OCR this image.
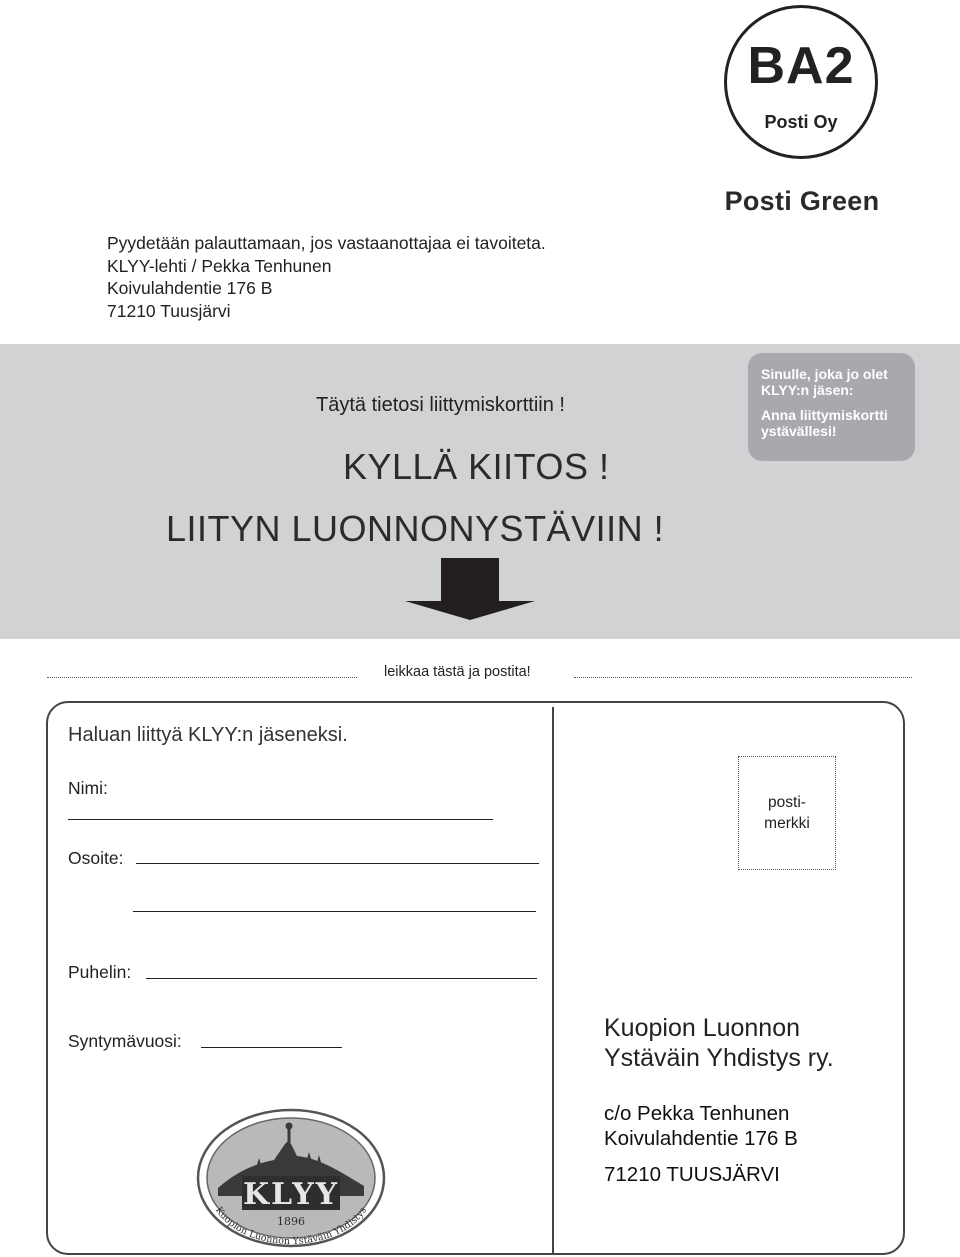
BA2
Posti Oy
Posti Green
Pyydetään palauttamaan, jos vastaanottajaa ei tavoiteta.
KLYY-lehti / Pekka Tenhunen
Koivulahdentie 176 B
71210 Tuusjärvi
Täytä tietosi liittymiskorttiin !
KYLLÄ KIITOS !
LIITYN LUONNONYSTÄVIIN !
Sinulle, joka jo olet
KLYY:n jäsen:
Anna liittymiskortti
ystävällesi!
leikkaa tästä ja postita!
Haluan liittyä KLYY:n jäseneksi.
Nimi:
Osoite:
Puhelin:
Syntymävuosi:
posti-
merkki
Kuopion Luonnon
Ystäväin Yhdistys ry.
c/o Pekka Tenhunen
Koivulahdentie 176 B
71210 TUUSJÄRVI
KLYY
1896
Kuopion Luonnon Ystäväin Yhdistys
